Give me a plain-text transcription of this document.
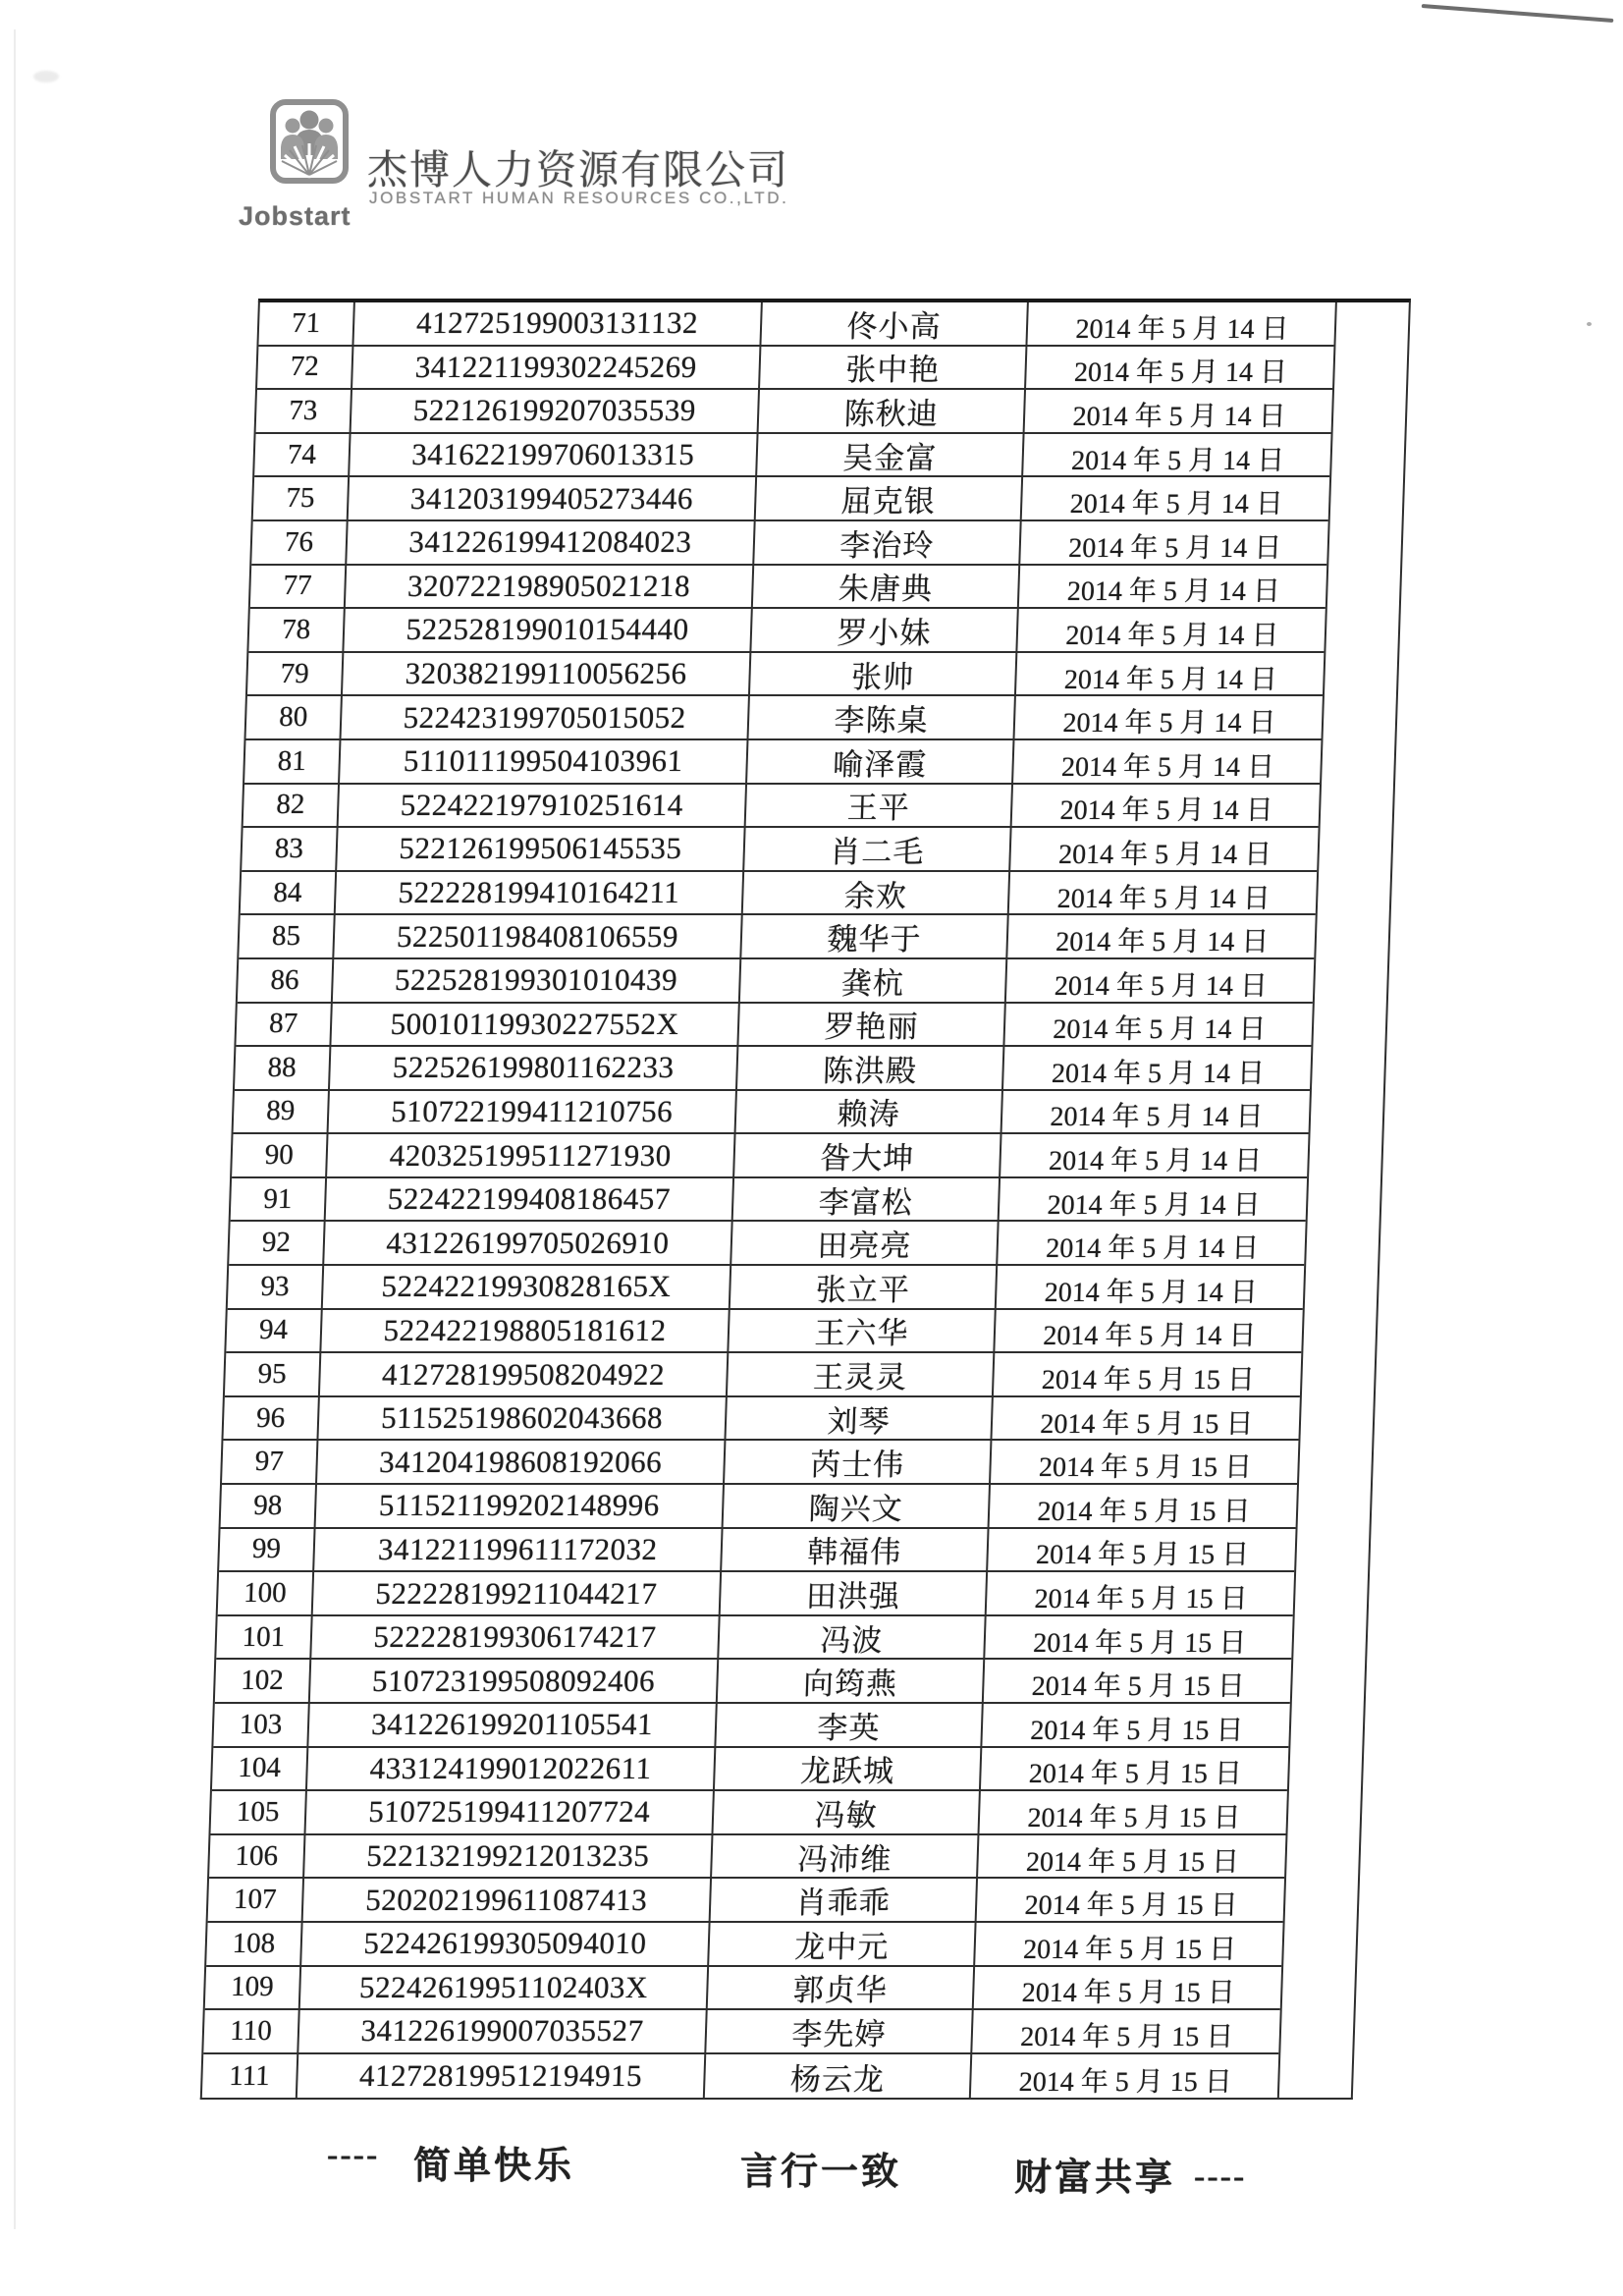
Jobstart
杰博人力资源有限公司
JOBSTART HUMAN RESOURCES CO.,LTD.
71	412725199003131132	佟小高	2014 年 5 月 14 日
72	341221199302245269	张中艳	2014 年 5 月 14 日
73	522126199207035539	陈秋迪	2014 年 5 月 14 日
74	341622199706013315	吴金富	2014 年 5 月 14 日
75	341203199405273446	屈克银	2014 年 5 月 14 日
76	341226199412084023	李治玲	2014 年 5 月 14 日
77	320722198905021218	朱唐典	2014 年 5 月 14 日
78	522528199010154440	罗小妹	2014 年 5 月 14 日
79	320382199110056256	张帅	2014 年 5 月 14 日
80	522423199705015052	李陈桌	2014 年 5 月 14 日
81	511011199504103961	喻泽霞	2014 年 5 月 14 日
82	522422197910251614	王平	2014 年 5 月 14 日
83	522126199506145535	肖二毛	2014 年 5 月 14 日
84	522228199410164211	余欢	2014 年 5 月 14 日
85	522501198408106559	魏华于	2014 年 5 月 14 日
86	522528199301010439	龚杭	2014 年 5 月 14 日
87	50010119930227552X	罗艳丽	2014 年 5 月 14 日
88	522526199801162233	陈洪殿	2014 年 5 月 14 日
89	510722199411210756	赖涛	2014 年 5 月 14 日
90	420325199511271930	昝大坤	2014 年 5 月 14 日
91	522422199408186457	李富松	2014 年 5 月 14 日
92	431226199705026910	田亮亮	2014 年 5 月 14 日
93	52242219930828165X	张立平	2014 年 5 月 14 日
94	522422198805181612	王六华	2014 年 5 月 14 日
95	412728199508204922	王灵灵	2014 年 5 月 15 日
96	511525198602043668	刘琴	2014 年 5 月 15 日
97	341204198608192066	芮士伟	2014 年 5 月 15 日
98	511521199202148996	陶兴文	2014 年 5 月 15 日
99	341221199611172032	韩福伟	2014 年 5 月 15 日
100	522228199211044217	田洪强	2014 年 5 月 15 日
101	522228199306174217	冯波	2014 年 5 月 15 日
102	510723199508092406	向筠燕	2014 年 5 月 15 日
103	341226199201105541	李英	2014 年 5 月 15 日
104	433124199012022611	龙跃城	2014 年 5 月 15 日
105	510725199411207724	冯敏	2014 年 5 月 15 日
106	522132199212013235	冯沛维	2014 年 5 月 15 日
107	520202199611087413	肖乖乖	2014 年 5 月 15 日
108	522426199305094010	龙中元	2014 年 5 月 15 日
109	52242619951102403X	郭贞华	2014 年 5 月 15 日
110	341226199007035527	李先婷	2014 年 5 月 15 日
111	412728199512194915	杨云龙	2014 年 5 月 15 日
---- 简单快乐	言行一致	财富共享 ----
